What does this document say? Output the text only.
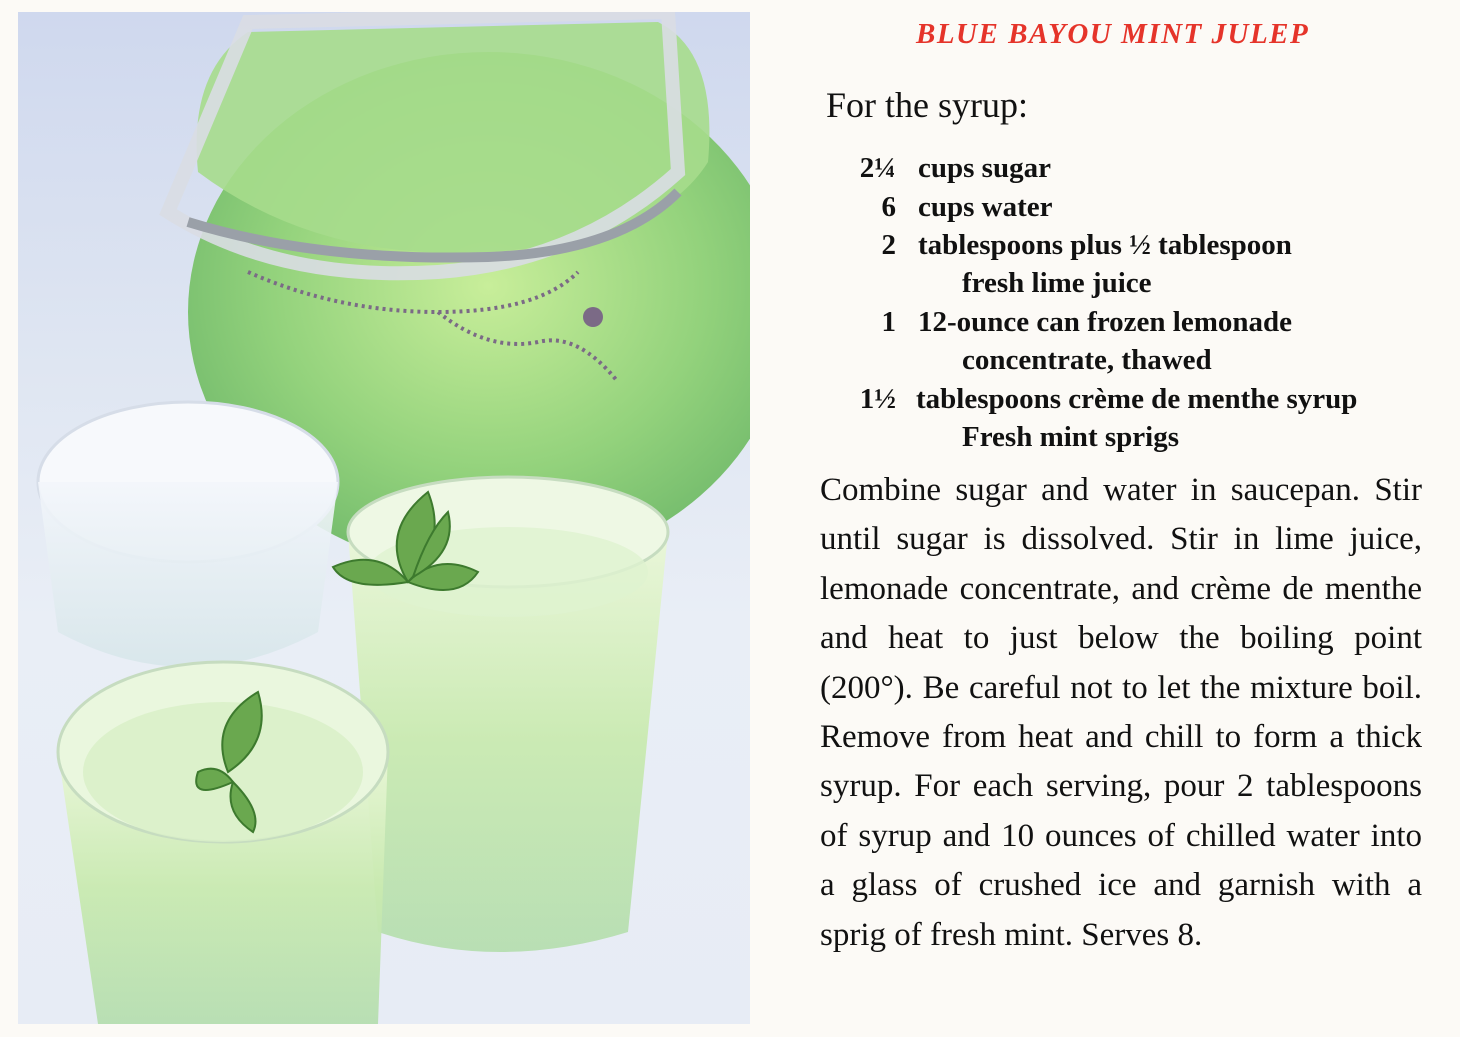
BLUE BAYOU MINT JULEP
For the syrup:
2¼ cups sugar
6 cups water
2 tablespoons plus ½ tablespoon
fresh lime juice
1 12-ounce can frozen lemonade
concentrate, thawed
1½ tablespoons crème de menthe syrup
Fresh mint sprigs

Combine sugar and water in saucepan. Stir until sugar is dissolved. Stir in lime juice, lemonade concentrate, and crème de menthe and heat to just below the boiling point (200°). Be careful not to let the mixture boil. Remove from heat and chill to form a thick syrup. For each serving, pour 2 tablespoons of syrup and 10 ounces of chilled water into a glass of crushed ice and garnish with a sprig of fresh mint. Serves 8.
